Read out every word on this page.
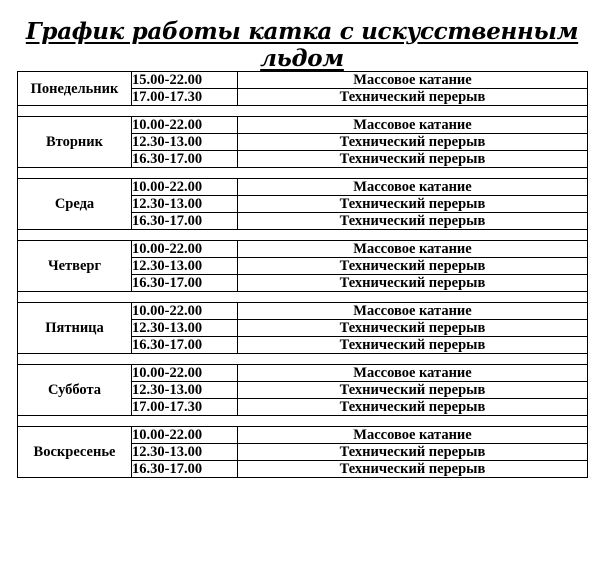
График работы катка с искусственным льдом
Понедельник	15.00-22.00	Массовое катание
	17.00-17.30	Технический перерыв

Вторник	10.00-22.00	Массовое катание
	12.30-13.00	Технический перерыв
	16.30-17.00	Технический перерыв

Среда	10.00-22.00	Массовое катание
	12.30-13.00	Технический перерыв
	16.30-17.00	Технический перерыв

Четверг	10.00-22.00	Массовое катание
	12.30-13.00	Технический перерыв
	16.30-17.00	Технический перерыв

Пятница	10.00-22.00	Массовое катание
	12.30-13.00	Технический перерыв
	16.30-17.00	Технический перерыв

Суббота	10.00-22.00	Массовое катание
	12.30-13.00	Технический перерыв
	17.00-17.30	Технический перерыв

Воскресенье	10.00-22.00	Массовое катание
	12.30-13.00	Технический перерыв
	16.30-17.00	Технический перерыв
